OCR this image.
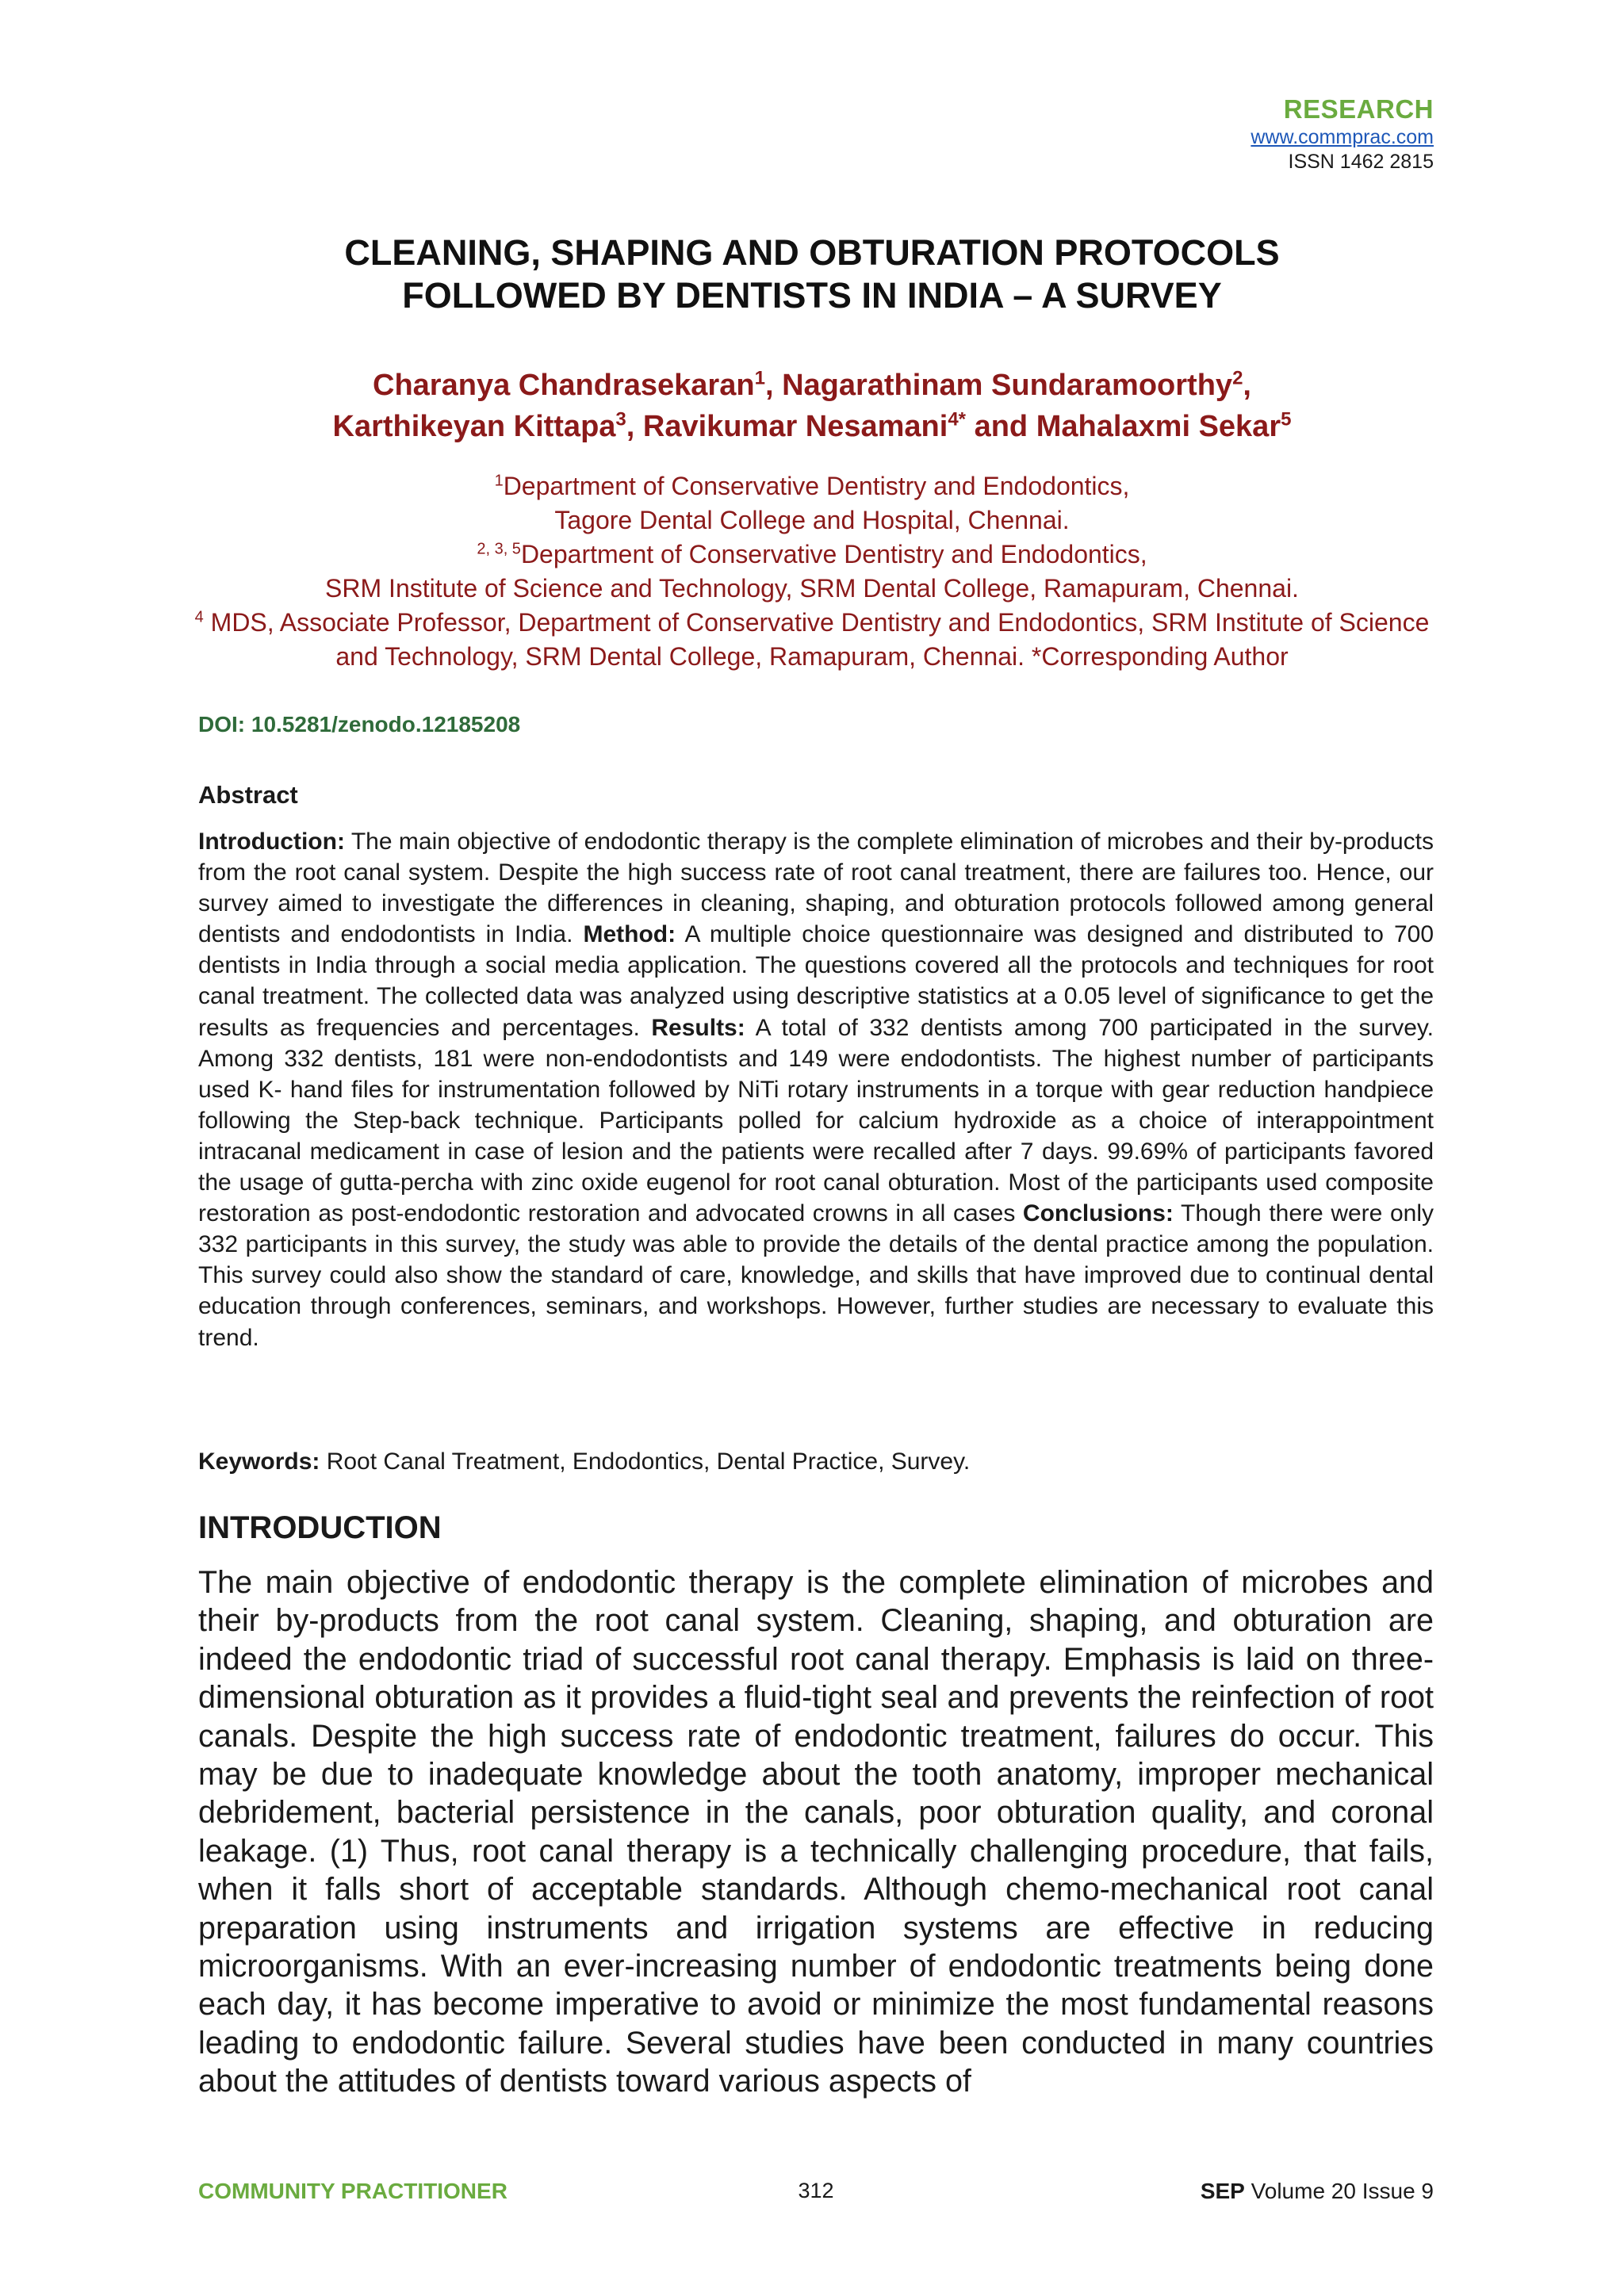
RESEARCH
www.commprac.com
ISSN 1462 2815
CLEANING, SHAPING AND OBTURATION PROTOCOLS
FOLLOWED BY DENTISTS IN INDIA – A SURVEY
Charanya Chandrasekaran$^1$, Nagarathinam Sundaramoorthy$^2$,
Karthikeyan Kittapa$^3$, Ravikumar Nesamani$^{4*}$ and Mahalaxmi Sekar$^5$
$^1$Department of Conservative Dentistry and Endodontics,
Tagore Dental College and Hospital, Chennai.
$^{2, 3, 5}$Department of Conservative Dentistry and Endodontics,
SRM Institute of Science and Technology, SRM Dental College, Ramapuram, Chennai.
$^4$ MDS, Associate Professor, Department of Conservative Dentistry and Endodontics, SRM Institute of Science and Technology, SRM Dental College, Ramapuram, Chennai. *Corresponding Author
DOI: 10.5281/zenodo.12185208
Abstract
Introduction: The main objective of endodontic therapy is the complete elimination of microbes and their by-products from the root canal system. Despite the high success rate of root canal treatment, there are failures too. Hence, our survey aimed to investigate the differences in cleaning, shaping, and obturation protocols followed among general dentists and endodontists in India. Method: A multiple choice questionnaire was designed and distributed to 700 dentists in India through a social media application. The questions covered all the protocols and techniques for root canal treatment. The collected data was analyzed using descriptive statistics at a 0.05 level of significance to get the results as frequencies and percentages. Results: A total of 332 dentists among 700 participated in the survey. Among 332 dentists, 181 were non-endodontists and 149 were endodontists. The highest number of participants used K- hand files for instrumentation followed by NiTi rotary instruments in a torque with gear reduction handpiece following the Step-back technique. Participants polled for calcium hydroxide as a choice of interappointment intracanal medicament in case of lesion and the patients were recalled after 7 days. 99.69% of participants favored the usage of gutta-percha with zinc oxide eugenol for root canal obturation. Most of the participants used composite restoration as post-endodontic restoration and advocated crowns in all cases Conclusions: Though there were only 332 participants in this survey, the study was able to provide the details of the dental practice among the population. This survey could also show the standard of care, knowledge, and skills that have improved due to continual dental education through conferences, seminars, and workshops. However, further studies are necessary to evaluate this trend.
Keywords: Root Canal Treatment, Endodontics, Dental Practice, Survey.
INTRODUCTION
The main objective of endodontic therapy is the complete elimination of microbes and their by-products from the root canal system. Cleaning, shaping, and obturation are indeed the endodontic triad of successful root canal therapy. Emphasis is laid on three-dimensional obturation as it provides a fluid-tight seal and prevents the reinfection of root canals. Despite the high success rate of endodontic treatment, failures do occur. This may be due to inadequate knowledge about the tooth anatomy, improper mechanical debridement, bacterial persistence in the canals, poor obturation quality, and coronal leakage. (1) Thus, root canal therapy is a technically challenging procedure, that fails, when it falls short of acceptable standards. Although chemo-mechanical root canal preparation using instruments and irrigation systems are effective in reducing microorganisms. With an ever-increasing number of endodontic treatments being done each day, it has become imperative to avoid or minimize the most fundamental reasons leading to endodontic failure. Several studies have been conducted in many countries about the attitudes of dentists toward various aspects of
COMMUNITY PRACTITIONER	312	SEP Volume 20 Issue 9
